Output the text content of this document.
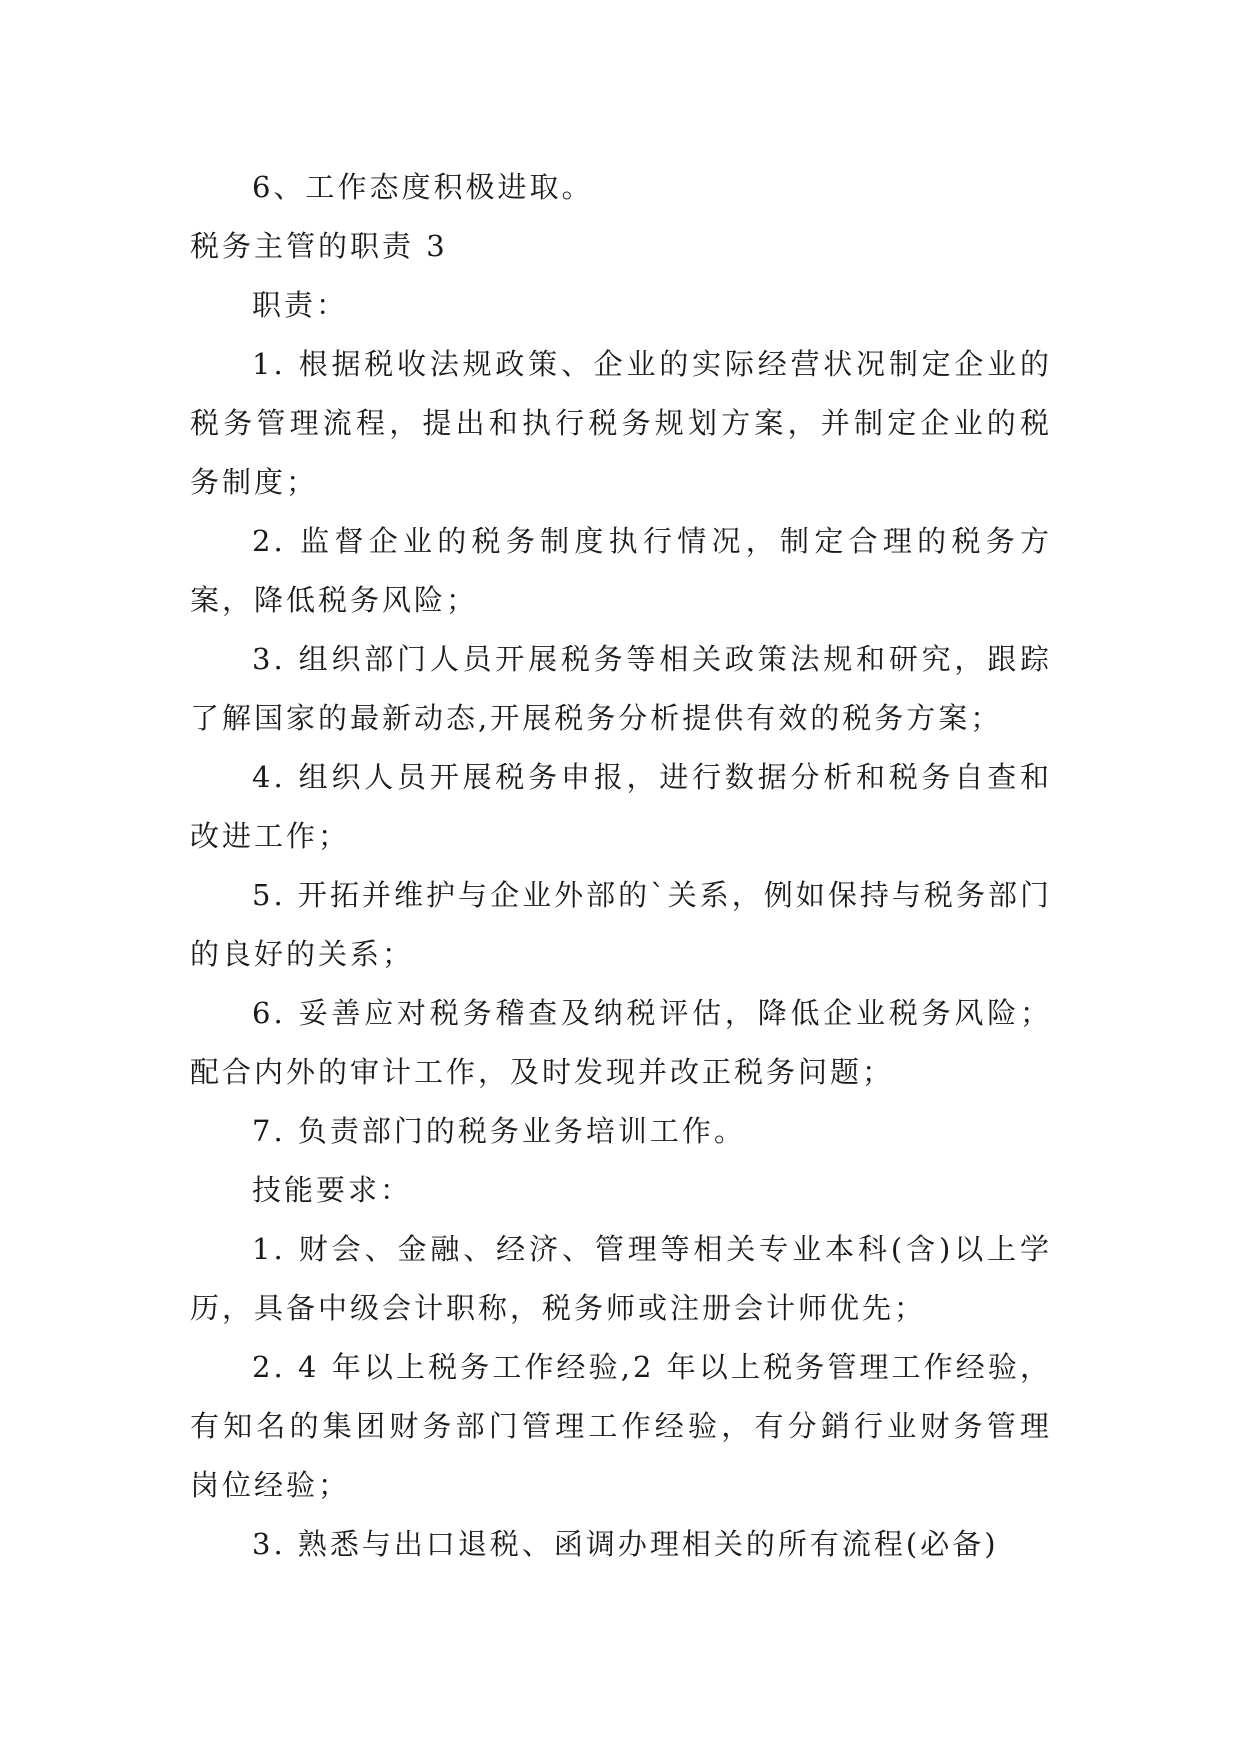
6、工作态度积极进取。

税务主管的职责 3

职责：

1. 根据税收法规政策、企业的实际经营状况制定企业的税务管理流程，提出和执行税务规划方案，并制定企业的税务制度；

2. 监督企业的税务制度执行情况，制定合理的税务方案，降低税务风险；

3. 组织部门人员开展税务等相关政策法规和研究，跟踪了解国家的最新动态,开展税务分析提供有效的税务方案；

4. 组织人员开展税务申报，进行数据分析和税务自查和改进工作；

5. 开拓并维护与企业外部的`关系，例如保持与税务部门的良好的关系；

6. 妥善应对税务稽查及纳税评估，降低企业税务风险；配合内外的审计工作，及时发现并改正税务问题；

7. 负责部门的税务业务培训工作。

技能要求：

1. 财会、金融、经济、管理等相关专业本科(含)以上学历，具备中级会计职称，税务师或注册会计师优先；

2. 4 年以上税务工作经验,2 年以上税务管理工作经验，有知名的集团财务部门管理工作经验，有分銷行业财务管理岗位经验；

3. 熟悉与出口退税、函调办理相关的所有流程(必备)
